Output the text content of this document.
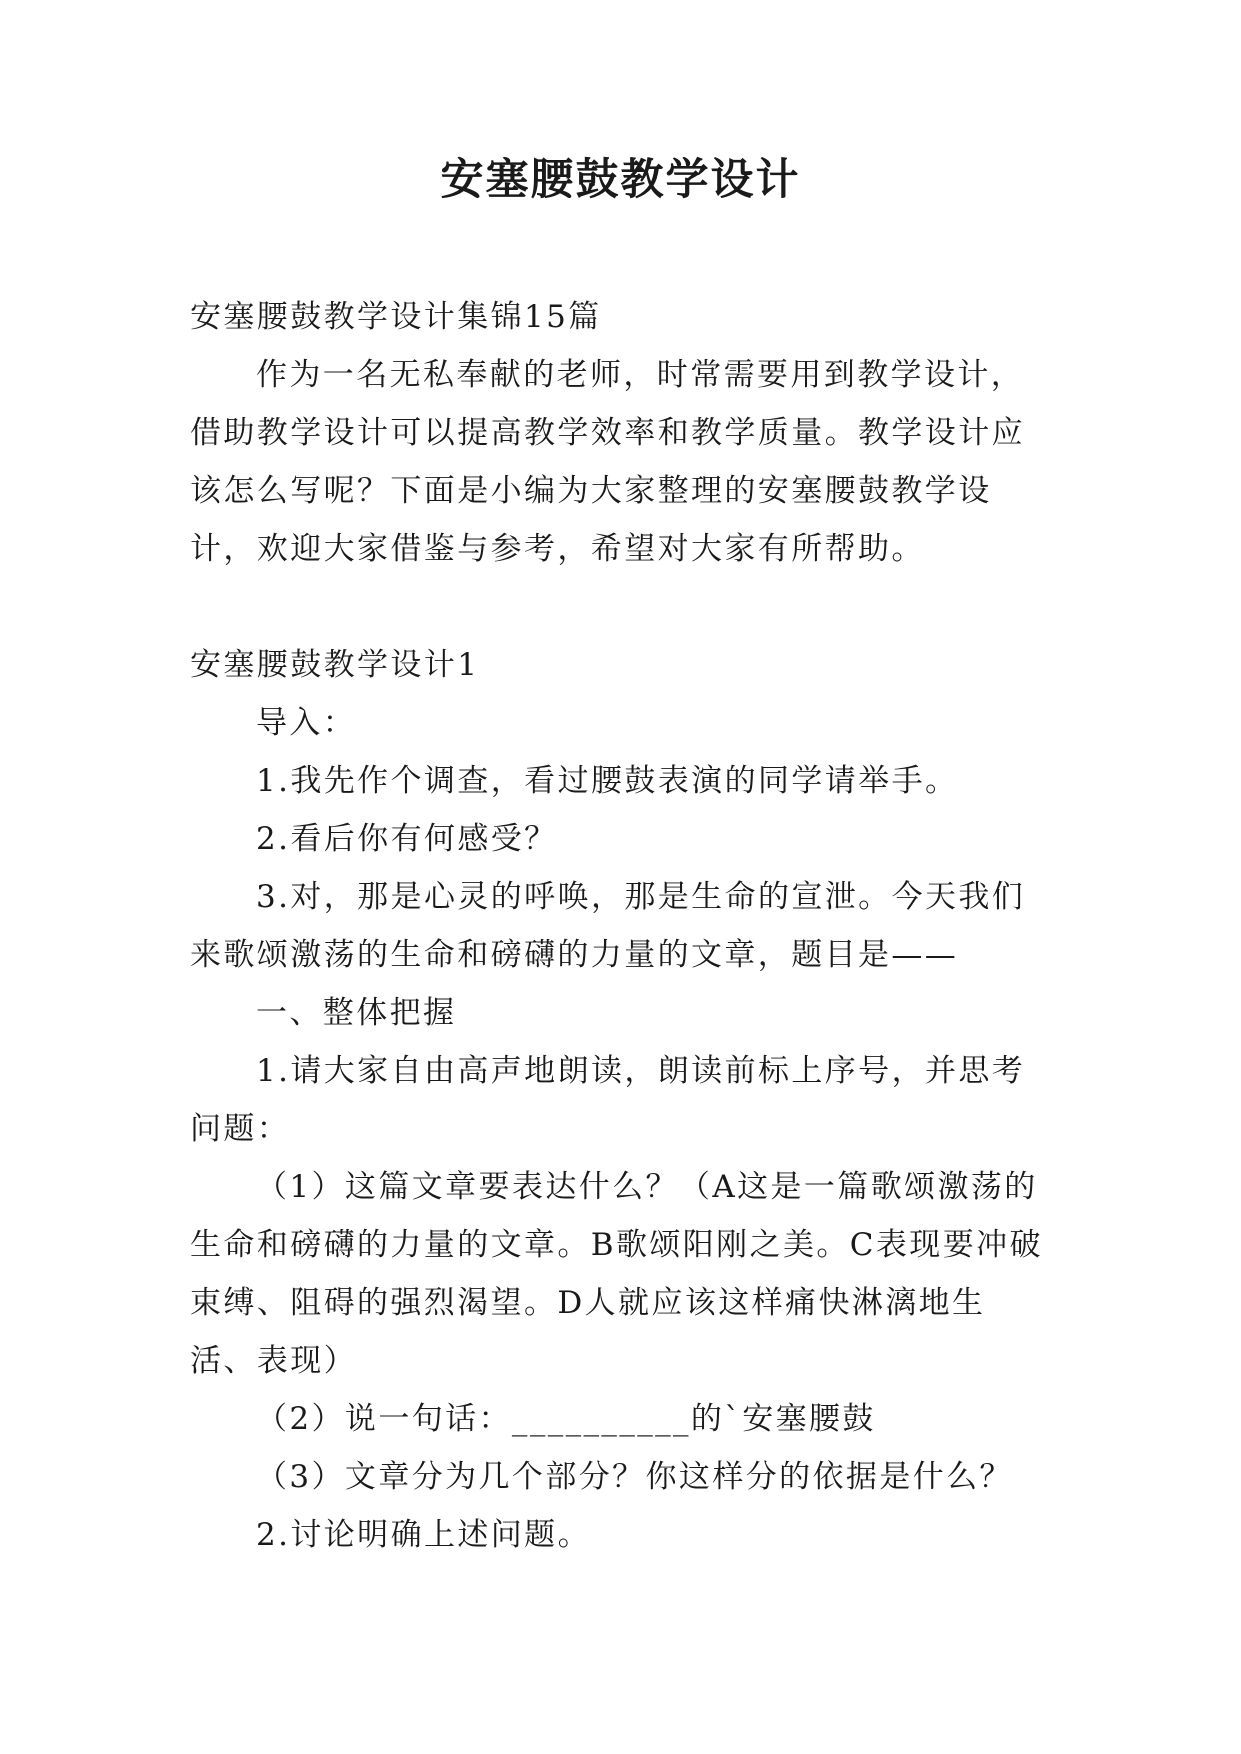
安塞腰鼓教学设计

安塞腰鼓教学设计集锦15篇

作为一名无私奉献的老师，时常需要用到教学设计，借助教学设计可以提高教学效率和教学质量。教学设计应该怎么写呢？下面是小编为大家整理的安塞腰鼓教学设计，欢迎大家借鉴与参考，希望对大家有所帮助。

安塞腰鼓教学设计1

导入：

1.我先作个调查，看过腰鼓表演的同学请举手。

2.看后你有何感受？

3.对，那是心灵的呼唤，那是生命的宣泄。今天我们来歌颂激荡的生命和磅礴的力量的文章，题目是——

一、整体把握

1.请大家自由高声地朗读，朗读前标上序号，并思考问题：

（1）这篇文章要表达什么？（A这是一篇歌颂激荡的生命和磅礴的力量的文章。B歌颂阳刚之美。C表现要冲破束缚、阻碍的强烈渴望。D人就应该这样痛快淋漓地生活、表现）

（2）说一句话：__________的`安塞腰鼓

（3）文章分为几个部分？你这样分的依据是什么？

2.讨论明确上述问题。
